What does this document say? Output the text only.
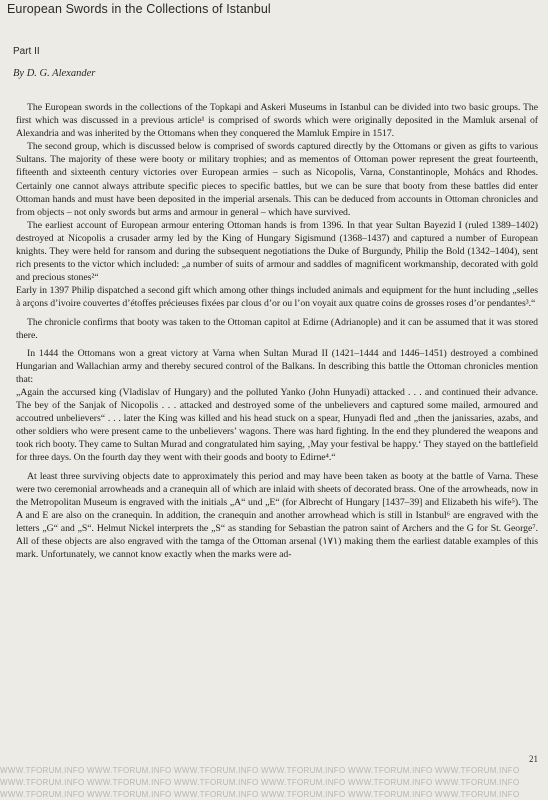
European Swords in the Collections of Istanbul
Part II
By D. G. Alexander

The European swords in the collections of the Topkapi and Askeri Museums in Istanbul can be divided into two basic groups. The first which was discussed in a previous article¹ is comprised of swords which were originally deposited in the Mamluk arsenal of Alexandria and was inherited by the Ottomans when they conquered the Mamluk Empire in 1517.

The second group, which is discussed below is comprised of swords captured directly by the Ottomans or given as gifts to various Sultans. The majority of these were booty or military trophies; and as mementos of Ottoman power represent the great fourteenth, fifteenth and sixteenth century victories over European armies – such as Nicopolis, Varna, Constantinople, Mohács and Rhodes. Certainly one cannot always attribute specific pieces to specific battles, but we can be sure that booty from these battles did enter Ottoman hands and must have been deposited in the imperial arsenals. This can be deduced from accounts in Ottoman chronicles and from objects – not only swords but arms and armour in general – which have survived.

The earliest account of European armour entering Ottoman hands is from 1396. In that year Sultan Bayezid I (ruled 1389–1402) destroyed at Nicopolis a crusader army led by the King of Hungary Sigismund (1368–1437) and captured a number of European knights. They were held for ransom and during the subsequent negotiations the Duke of Burgundy, Philip the Bold (1342–1404), sent rich presents to the victor which included: „a number of suits of armour and saddles of magnificent workmanship, decorated with gold and precious stones²“

Early in 1397 Philip dispatched a second gift which among other things included animals and equipment for the hunt including „selles à arçons d’ivoire couvertes d’étoffes précieuses fixées par clous d’or ou l’on voyait aux quatre coins de grosses roses d’or pendantes³.“

The chronicle confirms that booty was taken to the Ottoman capitol at Edirne (Adrianople) and it can be assumed that it was stored there.

In 1444 the Ottomans won a great victory at Varna when Sultan Murad II (1421–1444 and 1446–1451) destroyed a combined Hungarian and Wallachian army and thereby secured control of the Balkans. In describing this battle the Ottoman chronicles mention that:

„Again the accursed king (Vladislav of Hungary) and the polluted Yanko (John Hunyadi) attacked . . . and continued their advance. The bey of the Sanjak of Nicopolis . . . attacked and destroyed some of the unbelievers and captured some mailed, armoured and accoutred unbelievers“ . . . later the King was killed and his head stuck on a spear, Hunyadi fled and „then the janissaries, azabs, and other soldiers who were present came to the unbelievers’ wagons. There was hard fighting. In the end they plundered the weapons and took rich booty. They came to Sultan Murad and congratulated him saying, ‚May your festival be happy.‘ They stayed on the battlefield for three days. On the fourth day they went with their goods and booty to Edirne⁴.“

At least three surviving objects date to approximately this period and may have been taken as booty at the battle of Varna. These were two ceremonial arrowheads and a cranequin all of which are inlaid with sheets of decorated brass. One of the arrowheads, now in the Metropolitan Museum is engraved with the initials „A“ und „E“ (for Albrecht of Hungary [1437–39] and Elizabeth his wife⁵). The A and E are also on the cranequin. In addition, the cranequin and another arrowhead which is still in Istanbul⁶ are engraved with the letters „G“ and „S“. Helmut Nickel interprets the „S“ as standing for Sebastian the patron saint of Archers and the G for St. George⁷. All of these objects are also engraved with the tamga of the Ottoman arsenal (۱۷۱) making them the earliest datable examples of this mark. Unfortunately, we cannot know exactly when the marks were ad-

21
WWW.TFORUM.INFO WWW.TFORUM.INFO WWW.TFORUM.INFO WWW.TFORUM.INFO WWW.TFORUM.INFO WWW.TFORUM.INFO
WWW.TFORUM.INFO WWW.TFORUM.INFO WWW.TFORUM.INFO WWW.TFORUM.INFO WWW.TFORUM.INFO WWW.TFORUM.INFO
WWW.TFORUM.INFO WWW.TFORUM.INFO WWW.TFORUM.INFO WWW.TFORUM.INFO WWW.TFORUM.INFO WWW.TFORUM.INFO
